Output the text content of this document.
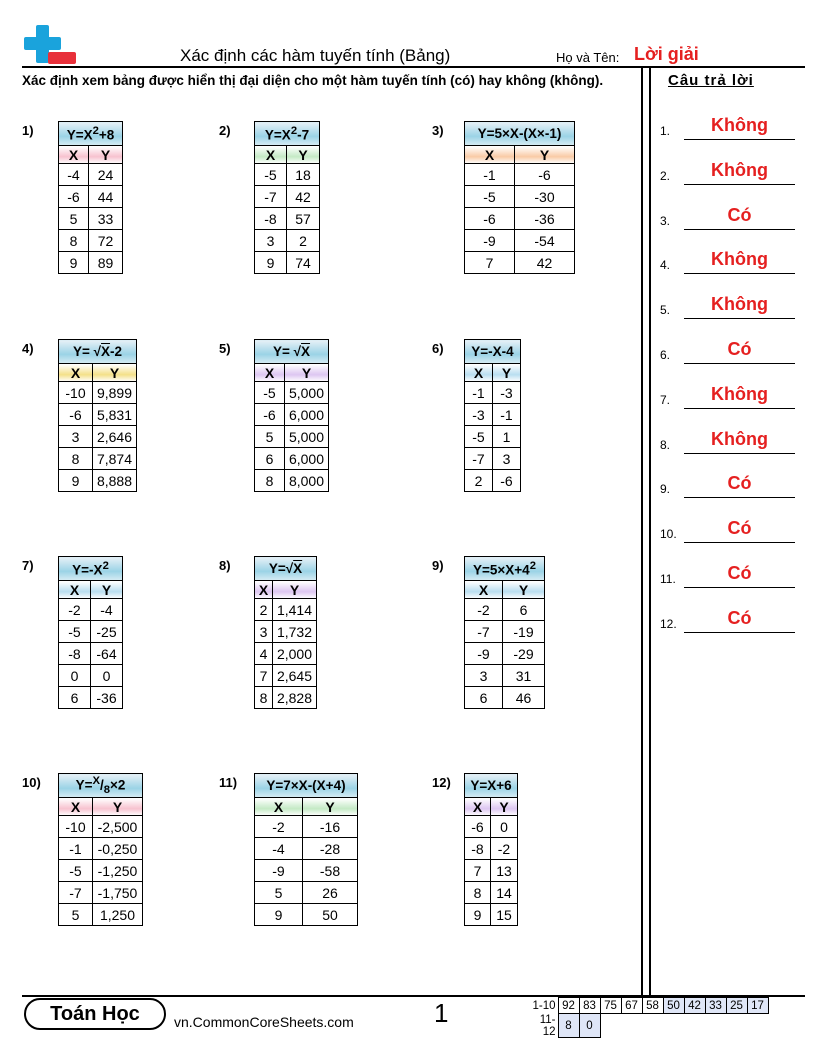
Xác định các hàm tuyến tính (Bảng)	Họ và Tên: Lời giải
Xác định xem bảng được hiển thị đại diện cho một hàm tuyến tính (có) hay không (không).	Câu trả lời
1.	Không
2.	Không
3.	Có
4.	Không
5.	Không
6.	Có
7.	Không
8.	Không
9.	Có
10.	Có
11.	Có
12.	Có
1) $Y=X^2+8$	
X	Y
-4	24
-6	44
5	33
8	72
9	89
2)	$Y=X^2-7$	
X	Y
-5	18
-7	42
-8	57
3	2
9	74
3)	Y=5×X-(X×-1)	
X	Y
-1	-6
-5	-30
-6	-36
-9	-54
7	42
4)	Y= √X-2	
X	Y
-10	9,899
-6	5,831
3	2,646
8	7,874
9	8,888
5)	Y= √X	
X	Y
-5	5,000
-6	6,000
5	5,000
6	6,000
8	8,000
6) Y=-X-4	
X	Y
-1	-3
-3	-1
-5	1
-7	3
2	-6
7)	$Y=-X^2$
X	Y
-2	-4
-5	-25
-8	-64
0	0
6	-36
8)	Y=√X	
X	Y
2	1,414
3	1,732
4	2,000
7	2,645
8	2,828
9) $Y=5\times X+4^2$
X	Y
-2	6
-7	-19
-9	-29
3	31
6	46
10)	$Y=^X/_8\times 2$	
X	Y
-10	-2,500
-1	-0,250
-5	-1,250
-7	-1,750
5	1,250
11) Y=7×X-(X+4)	
X	Y
-2	-16
-4	-28
-9	-58
5	26
9	50
12) Y=X+6	
X	Y
-6	0
-8	-2
7	13
8	14
9	15
Toán Học	vn.CommonCoreSheets.com	1	1-10	92	83	75	67	58	50	42	33	25	17
11-12	8	0								
